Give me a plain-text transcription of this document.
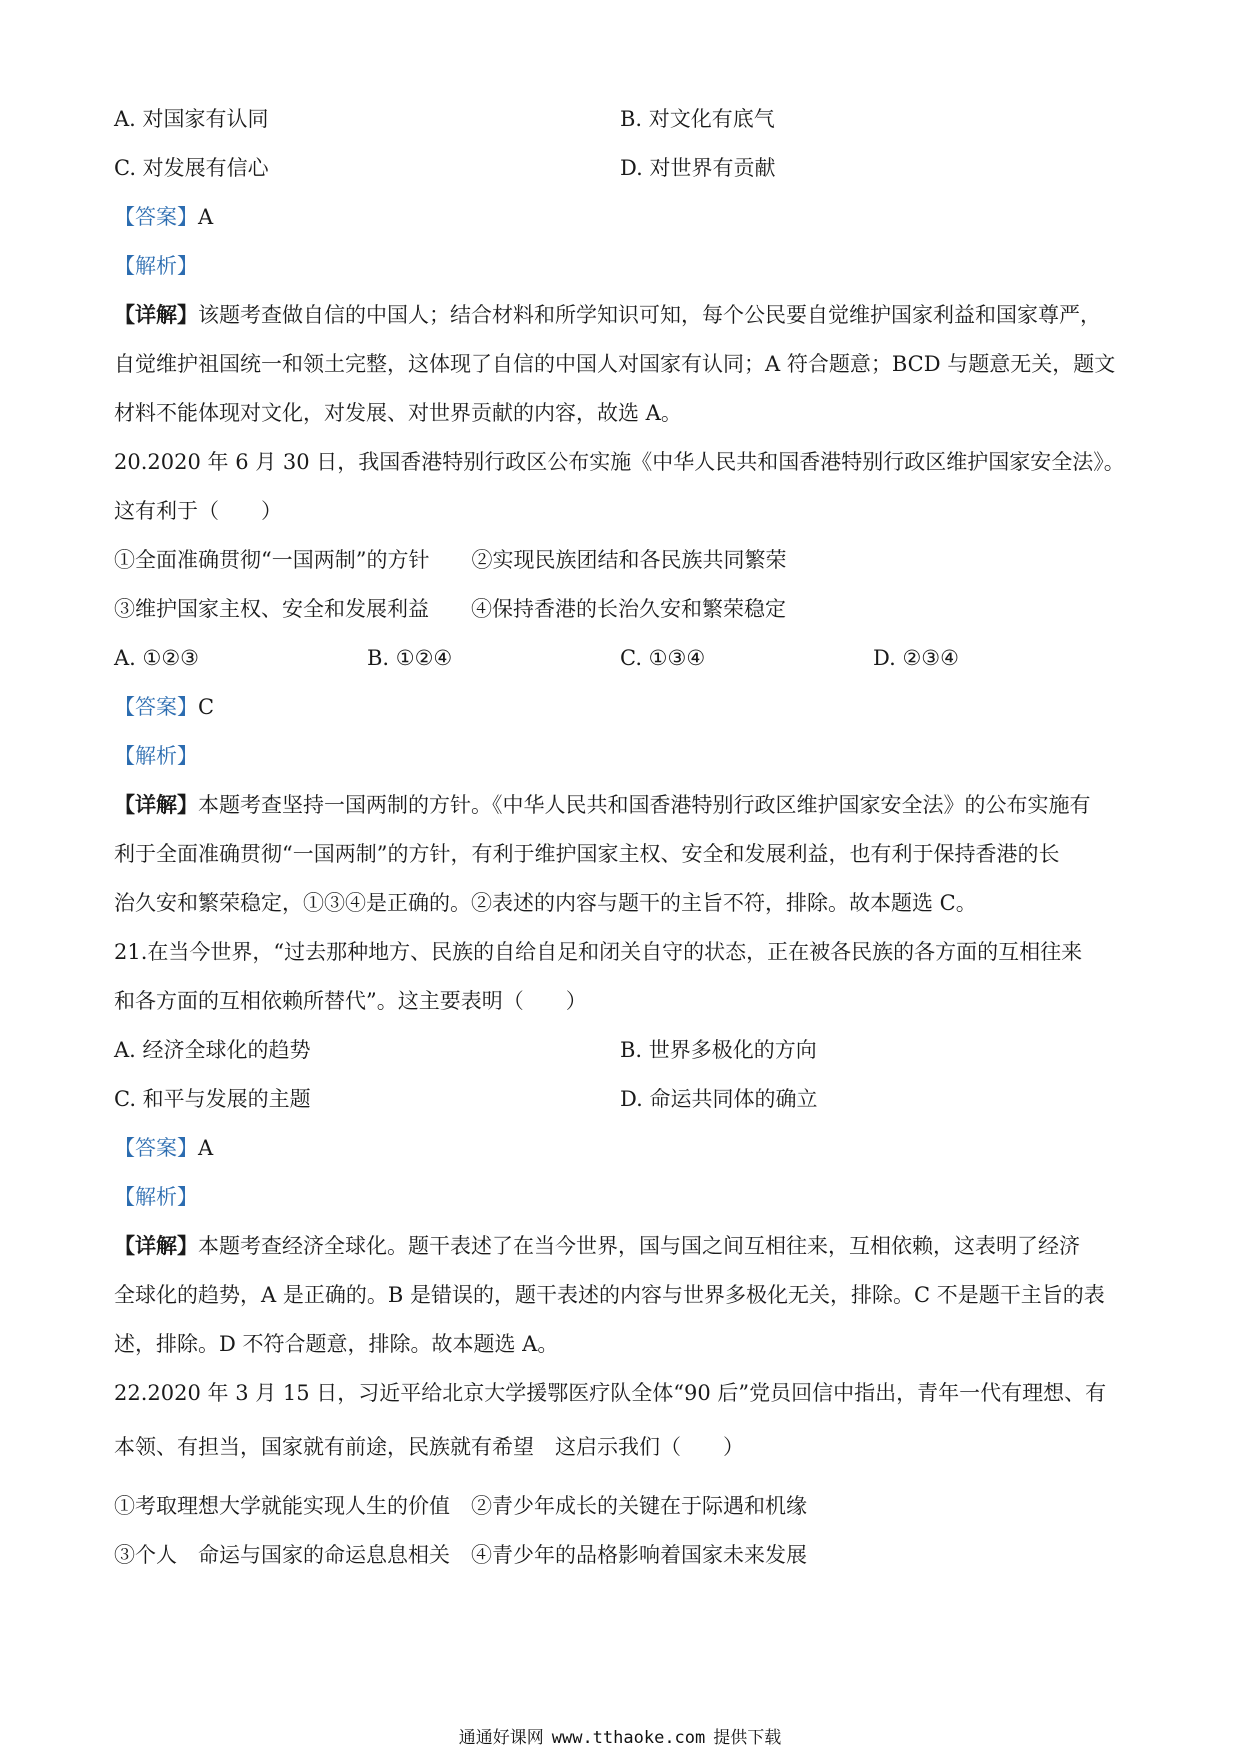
A. 对国家有认同	B. 对文化有底气
C. 对发展有信心	D. 对世界有贡献
【答案】A
【解析】
【详解】该题考查做自信的中国人；结合材料和所学知识可知，每个公民要自觉维护国家利益和国家尊严，
自觉维护祖国统一和领土完整，这体现了自信的中国人对国家有认同；A 符合题意；BCD 与题意无关，题文
材料不能体现对文化，对发展、对世界贡献的内容，故选 A。
20.2020 年 6 月 30 日，我国香港特别行政区公布实施《中华人民共和国香港特别行政区维护国家安全法》。
这有利于（　　）
①全面准确贯彻“一国两制”的方针　　②实现民族团结和各民族共同繁荣
③维护国家主权、安全和发展利益　　④保持香港的长治久安和繁荣稳定
A. ①②③	B. ①②④	C. ①③④	D. ②③④
【答案】C
【解析】
【详解】本题考查坚持一国两制的方针。《中华人民共和国香港特别行政区维护国家安全法》的公布实施有
利于全面准确贯彻“一国两制”的方针，有利于维护国家主权、安全和发展利益，也有利于保持香港的长
治久安和繁荣稳定，①③④是正确的。②表述的内容与题干的主旨不符，排除。故本题选 C。
21.在当今世界，“过去那种地方、民族的自给自足和闭关自守的状态，正在被各民族的各方面的互相往来
和各方面的互相依赖所替代”。这主要表明（　　）
A. 经济全球化的趋势	B. 世界多极化的方向
C. 和平与发展的主题	D. 命运共同体的确立
【答案】A
【解析】
【详解】本题考查经济全球化。题干表述了在当今世界，国与国之间互相往来，互相依赖，这表明了经济
全球化的趋势，A 是正确的。B 是错误的，题干表述的内容与世界多极化无关，排除。C 不是题干主旨的表
述，排除。D 不符合题意，排除。故本题选 A。
22.2020 年 3 月 15 日，习近平给北京大学援鄂医疗队全体“90 后”党员回信中指出，青年一代有理想、有
本领、有担当，国家就有前途，民族就有希望　这启示我们（　　）
①考取理想大学就能实现人生的价值　②青少年成长的关键在于际遇和机缘
③个人　命运与国家的命运息息相关　④青少年的品格影响着国家未来发展
通通好课网 www.tthaoke.com 提供下载
